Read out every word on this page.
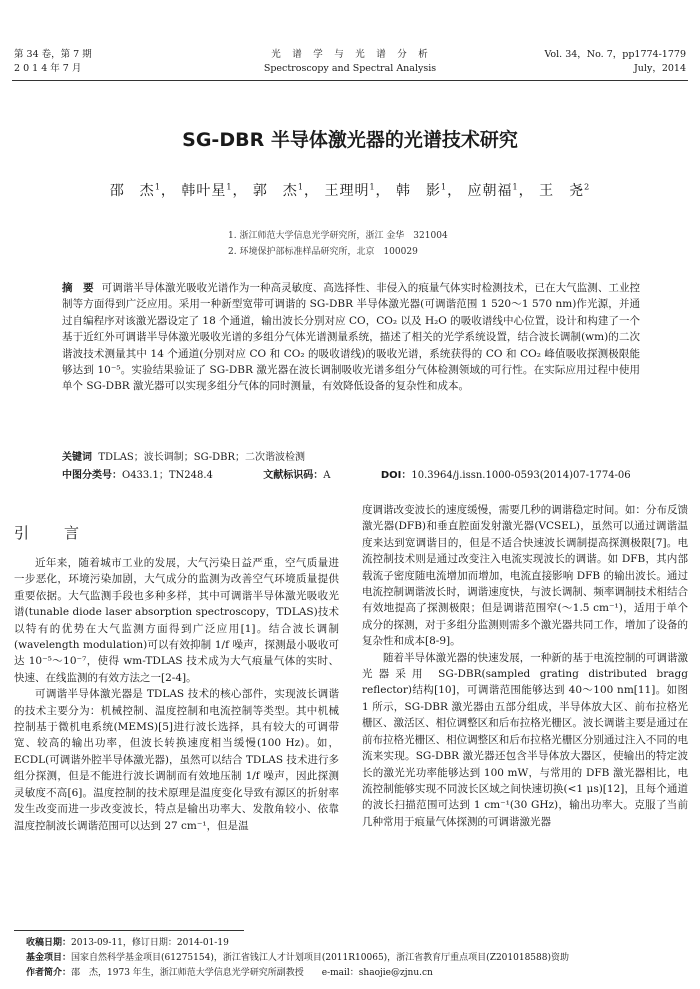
第 34 卷，第 7 期
2 0 1 4 年 7 月
光　谱　学　与　光　谱　分　析
Spectroscopy and Spectral Analysis
Vol. 34，No. 7，pp1774-1779
July，2014
SG-DBR 半导体激光器的光谱技术研究
邵　杰$^1$， 韩叶星$^1$， 郭　杰$^1$， 王理明$^1$， 韩　影$^1$， 应朝福$^1$， 王　尧$^2$
1. 浙江师范大学信息光学研究所，浙江 金华　321004
2. 环境保护部标准样品研究所，北京　100029
摘　要 可调谐半导体激光吸收光谱作为一种高灵敏度、高选择性、非侵入的痕量气体实时检测技术，已在大气监测、工业控制等方面得到广泛应用。采用一种新型宽带可调谐的 SG-DBR 半导体激光器(可调谐范围 1 520～1 570 nm)作光源，并通过自编程序对该激光器设定了 18 个通道，输出波长分别对应 CO，CO₂ 以及 H₂O 的吸收谱线中心位置，设计和构建了一个基于近红外可调谐半导体激光吸收光谱的多组分气体光谱测量系统，描述了相关的光学系统设置，结合波长调制(wm)的二次谐波技术测量其中 14 个通道(分别对应 CO 和 CO₂ 的吸收谱线)的吸收光谱，系统获得的 CO 和 CO₂ 峰值吸收探测极限能够达到 10⁻⁵。实验结果验证了 SG-DBR 激光器在波长调制吸收光谱多组分气体检测领域的可行性。在实际应用过程中使用单个 SG-DBR 激光器可以实现多组分气体的同时测量，有效降低设备的复杂性和成本。
关键词 TDLAS；波长调制；SG-DBR；二次谐波检测
中图分类号：O433.1；TN248.4	文献标识码：A	DOI：10.3964/j.issn.1000-0593(2014)07-1774-06
引　言

近年来，随着城市工业的发展，大气污染日益严重，空气质量进一步恶化，环境污染加剧，大气成分的监测为改善空气环境质量提供重要依据。大气监测手段也多种多样，其中可调谐半导体激光吸收光谱(tunable diode laser absorption spectroscopy，TDLAS)技术以特有的优势在大气监测方面得到广泛应用[1]。结合波长调制(wavelength modulation)可以有效抑制 1/f 噪声，探测最小吸收可达 10⁻⁵～10⁻⁷，使得 wm-TDLAS 技术成为大气痕量气体的实时、快速、在线监测的有效方法之一[2-4]。

可调谐半导体激光器是 TDLAS 技术的核心部件，实现波长调谐的技术主要分为：机械控制、温度控制和电流控制等类型。其中机械控制基于微机电系统(MEMS)[5]进行波长选择，具有较大的可调带宽、较高的输出功率，但波长转换速度相当缓慢(100 Hz)。如，ECDL(可调谐外腔半导体激光器)，虽然可以结合 TDLAS 技术进行多组分探测，但是不能进行波长调制而有效地压制 1/f 噪声，因此探测灵敏度不高[6]。温度控制的技术原理是温度变化导致有源区的折射率发生改变而进一步改变波长，特点是输出功率大、发散角较小、依靠温度控制波长调谐范围可以达到 27 cm⁻¹，但是温

度调谐改变波长的速度缓慢，需要几秒的调谐稳定时间。如：分布反馈激光器(DFB)和垂直腔面发射激光器(VCSEL)，虽然可以通过调谐温度来达到宽调谐目的，但是不适合快速波长调制提高探测极限[7]。电流控制技术则是通过改变注入电流实现波长的调谐。如 DFB，其内部载流子密度随电流增加而增加，电流直接影响 DFB 的输出波长。通过电流控制调谐波长时，调谐速度快，与波长调制、频率调制技术相结合有效地提高了探测极限；但是调谐范围窄(～1.5 cm⁻¹)，适用于单个成分的探测，对于多组分监测则需多个激光器共同工作，增加了设备的复杂性和成本[8-9]。

随着半导体激光器的快速发展，一种新的基于电流控制的可调谐激光器采用 SG-DBR(sampled grating distributed bragg reflector)结构[10]，可调谐范围能够达到 40～100 nm[11]。如图 1 所示，SG-DBR 激光器由五部分组成，半导体放大区、前布拉格光栅区、激活区、相位调整区和后布拉格光栅区。波长调谐主要是通过在前布拉格光栅区、相位调整区和后布拉格光栅区分别通过注入不同的电流来实现。SG-DBR 激光器还包含半导体放大器区，使输出的特定波长的激光光功率能够达到 100 mW，与常用的 DFB 激光器相比，电流控制能够实现不同波长区域之间快速切换(<1 μs)[12]，且每个通道的波长扫描范围可达到 1 cm⁻¹(30 GHz)，输出功率大。克服了当前几种常用于痕量气体探测的可调谐激光器

收稿日期：2013-09-11，修订日期：2014-01-19
基金项目：国家自然科学基金项目(61275154)，浙江省钱江人才计划项目(2011R10065)，浙江省教育厅重点项目(Z201018588)资助
作者简介：邵　杰，1973 年生，浙江师范大学信息光学研究所副教授　　e-mail：shaojie@zjnu.cn
